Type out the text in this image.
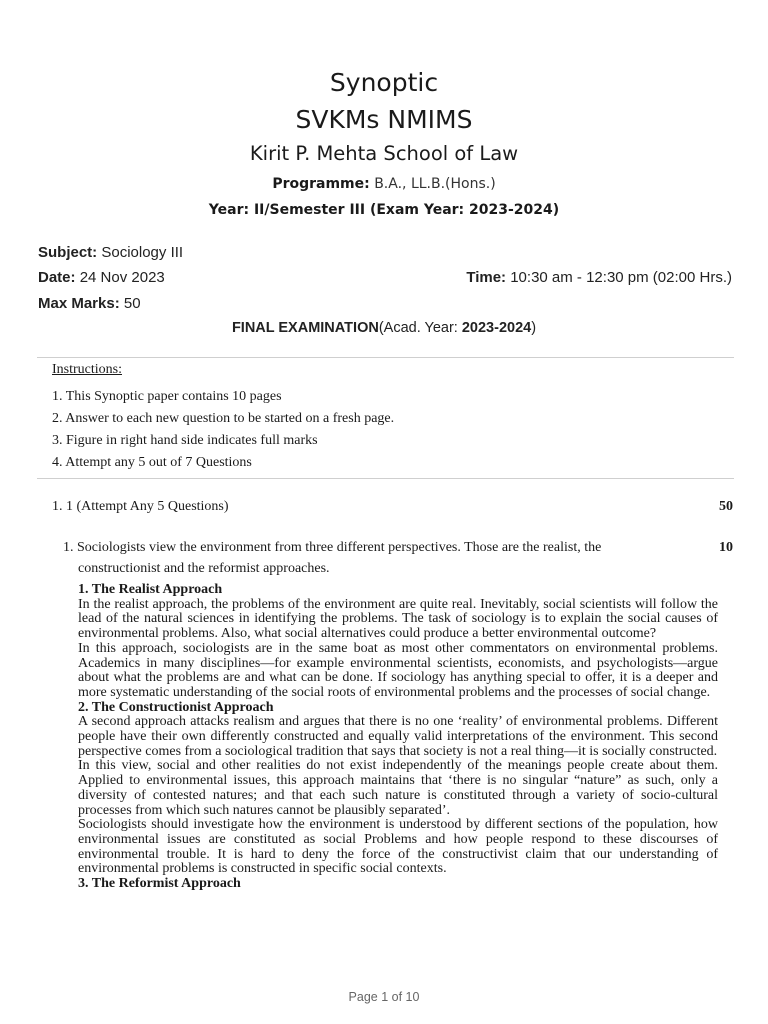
Synoptic
SVKMs NMIMS
Kirit P. Mehta School of Law
Programme: B.A., LL.B.(Hons.)
Year: II/Semester III (Exam Year: 2023-2024)
Subject: Sociology III
Date: 24 Nov 2023	Time: 10:30 am - 12:30 pm (02:00 Hrs.)
Max Marks: 50
FINAL EXAMINATION(Acad. Year: 2023-2024)
Instructions:
1. This Synoptic paper contains 10 pages
2. Answer to each new question to be started on a fresh page.
3. Figure in right hand side indicates full marks
4. Attempt any 5 out of 7 Questions
1. 1 (Attempt Any 5 Questions)	50
1. Sociologists view the environment from three different perspectives. Those are the realist, the	10
constructionist and the reformist approaches.
1. The Realist Approach

In the realist approach, the problems of the environment are quite real. Inevitably, social scientists will follow the lead of the natural sciences in identifying the problems. The task of sociology is to explain the social causes of environmental problems. Also, what social alternatives could produce a better environmental outcome?

In this approach, sociologists are in the same boat as most other commentators on environmental problems. Academics in many disciplines—for example environmental scientists, economists, and psychologists—argue about what the problems are and what can be done. If sociology has anything special to offer, it is a deeper and more systematic understanding of the social roots of environmental problems and the processes of social change.

2. The Constructionist Approach

A second approach attacks realism and argues that there is no one ‘reality’ of environmental problems. Different people have their own differently constructed and equally valid interpretations of the environment. This second perspective comes from a sociological tradition that says that society is not a real thing—it is socially constructed.

In this view, social and other realities do not exist independently of the meanings people create about them. Applied to environmental issues, this approach maintains that ‘there is no singular “nature” as such, only a diversity of contested natures; and that each such nature is constituted through a variety of socio-cultural processes from which such natures cannot be plausibly separated’.

Sociologists should investigate how the environment is understood by different sections of the population, how environmental issues are constituted as social Problems and how people respond to these discourses of environmental trouble. It is hard to deny the force of the constructivist claim that our understanding of environmental problems is constructed in specific social contexts.

3. The Reformist Approach
Page 1 of 10
